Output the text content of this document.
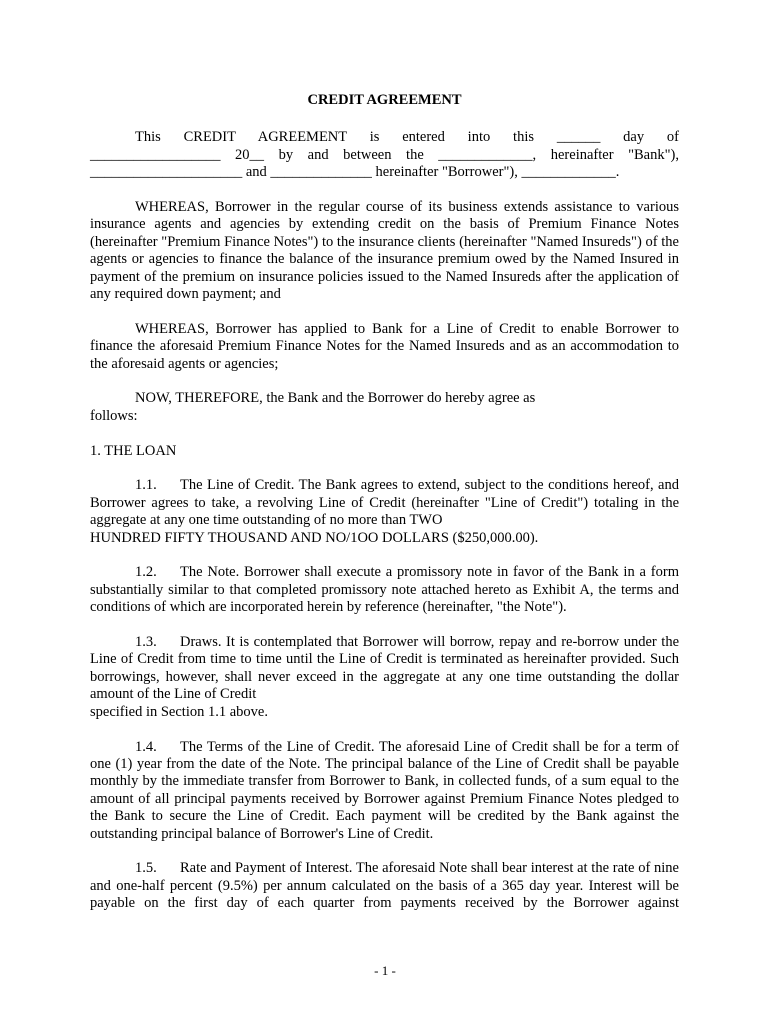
CREDIT AGREEMENT
This CREDIT AGREEMENT is entered into this ______ day of
__________________ 20__ by and between the _____________, hereinafter "Bank"),
_____________________ and ______________ hereinafter "Borrower"), _____________.

WHEREAS, Borrower in the regular course of its business extends assistance to various insurance agents and agencies by extending credit on the basis of Premium Finance Notes (hereinafter "Premium Finance Notes") to the insurance clients (hereinafter "Named Insureds") of the agents or agencies to finance the balance of the insurance premium owed by the Named Insured in payment of the premium on insurance policies issued to the Named Insureds after the application of any required down payment; and

WHEREAS, Borrower has applied to Bank for a Line of Credit to enable Borrower to finance the aforesaid Premium Finance Notes for the Named Insureds and as an accommodation to the aforesaid agents or agencies;

NOW, THEREFORE, the Bank and the Borrower do hereby agree as
follows:
1. THE LOAN

1.1. The Line of Credit. The Bank agrees to extend, subject to the conditions hereof, and Borrower agrees to take, a revolving Line of Credit (hereinafter "Line of Credit") totaling in the aggregate at any one time outstanding of no more than TWO

HUNDRED FIFTY THOUSAND AND NO/1OO DOLLARS ($250,000.00).

1.2. The Note. Borrower shall execute a promissory note in favor of the Bank in a form substantially similar to that completed promissory note attached hereto as Exhibit A, the terms and conditions of which are incorporated herein by reference (hereinafter, "the Note").

1.3. Draws. It is contemplated that Borrower will borrow, repay and re-borrow under the Line of Credit from time to time until the Line of Credit is terminated as hereinafter provided. Such borrowings, however, shall never exceed in the aggregate at any one time outstanding the dollar amount of the Line of Credit

specified in Section 1.1 above.

1.4. The Terms of the Line of Credit. The aforesaid Line of Credit shall be for a term of one (1) year from the date of the Note. The principal balance of the Line of Credit shall be payable monthly by the immediate transfer from Borrower to Bank, in collected funds, of a sum equal to the amount of all principal payments received by Borrower against Premium Finance Notes pledged to the Bank to secure the Line of Credit. Each payment will be credited by the Bank against the outstanding principal balance of Borrower's Line of Credit.

1.5. Rate and Payment of Interest. The aforesaid Note shall bear interest at the rate of nine and one-half percent (9.5%) per annum calculated on the basis of a 365 day year. Interest will be payable on the first day of each quarter from payments received by the Borrower against

- 1 -
